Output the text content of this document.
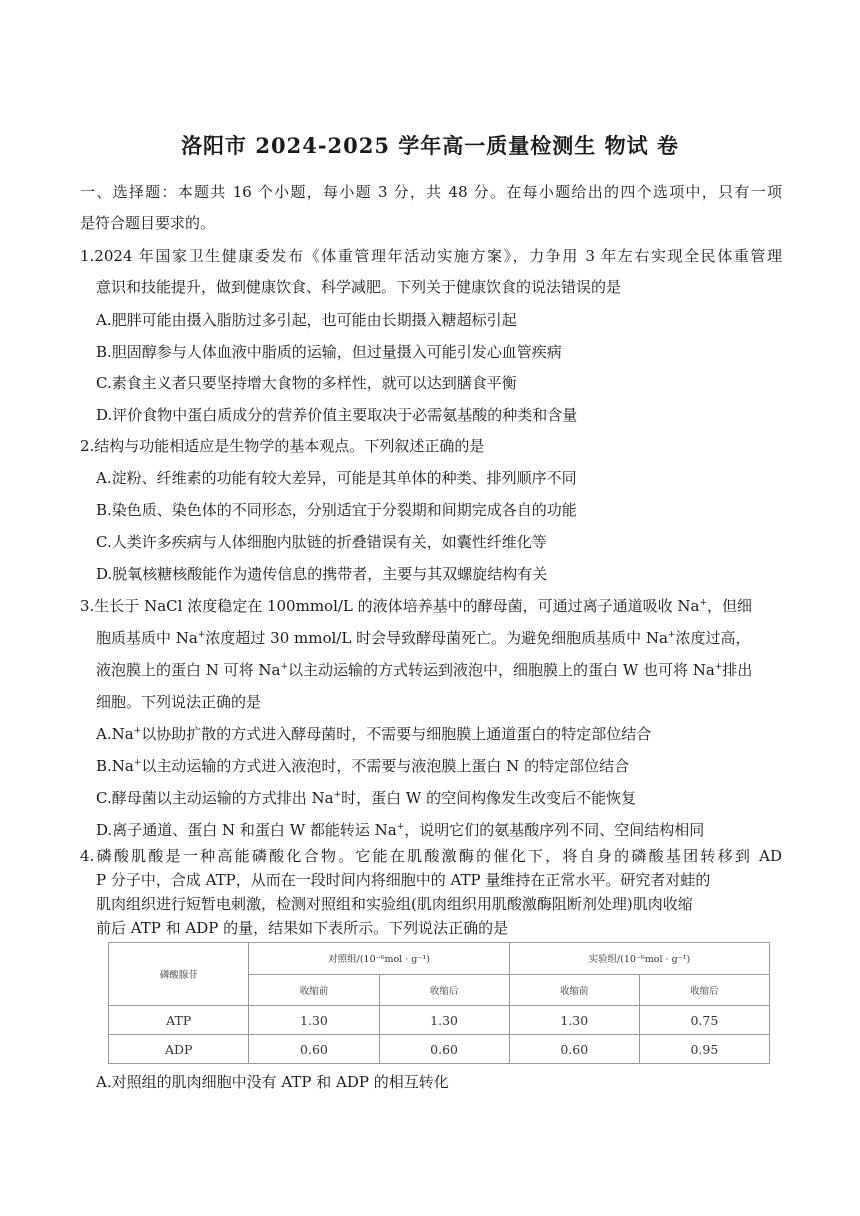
洛阳市 2024-2025 学年高一质量检测生 物试 卷
一、选择题：本题共 16 个小题，每小题 3 分，共 48 分。在每小题给出的四个选项中，只有一项
是符合题目要求的。
1.2024 年国家卫生健康委发布《体重管理年活动实施方案》，力争用 3 年左右实现全民体重管理
意识和技能提升，做到健康饮食、科学减肥。下列关于健康饮食的说法错误的是
A.肥胖可能由摄入脂肪过多引起，也可能由长期摄入糖超标引起
B.胆固醇参与人体血液中脂质的运输，但过量摄入可能引发心血管疾病
C.素食主义者只要坚持增大食物的多样性，就可以达到膳食平衡
D.评价食物中蛋白质成分的营养价值主要取决于必需氨基酸的种类和含量
2.结构与功能相适应是生物学的基本观点。下列叙述正确的是
A.淀粉、纤维素的功能有较大差异，可能是其单体的种类、排列顺序不同
B.染色质、染色体的不同形态，分别适宜于分裂期和间期完成各自的功能
C.人类许多疾病与人体细胞内肽链的折叠错误有关，如囊性纤维化等
D.脱氧核糖核酸能作为遗传信息的携带者，主要与其双螺旋结构有关
3.生长于 NaCl 浓度稳定在 100mmol/L 的液体培养基中的酵母菌，可通过离子通道吸收 Na+，但细
胞质基质中 Na+浓度超过 30 mmol/L 时会导致酵母菌死亡。为避免细胞质基质中 Na+浓度过高，
液泡膜上的蛋白 N 可将 Na+以主动运输的方式转运到液泡中，细胞膜上的蛋白 W 也可将 Na+排出
细胞。下列说法正确的是
A.Na+以协助扩散的方式进入酵母菌时，不需要与细胞膜上通道蛋白的特定部位结合
B.Na+以主动运输的方式进入液泡时，不需要与液泡膜上蛋白 N 的特定部位结合
C.酵母菌以主动运输的方式排出 Na+时，蛋白 W 的空间构像发生改变后不能恢复
D.离子通道、蛋白 N 和蛋白 W 都能转运 Na+，说明它们的氨基酸序列不同、空间结构相同
4.磷酸肌酸是一种高能磷酸化合物。它能在肌酸激酶的催化下，将自身的磷酸基团转移到 AD
P 分子中，合成 ATP，从而在一段时间内将细胞中的 ATP 量维持在正常水平。研究者对蛙的
肌肉组织进行短暂电刺激，检测对照组和实验组(肌肉组织用肌酸激酶阻断剂处理)肌肉收缩
前后 ATP 和 ADP 的量，结果如下表所示。下列说法正确的是
磷酸腺苷	对照组/(10⁻⁶mol · g⁻¹)		实验组/(10⁻⁶mol · g⁻¹)	
	收缩前	收缩后	收缩前	收缩后
ATP	1.30	1.30	1.30	0.75
ADP	0.60	0.60	0.60	0.95
A.对照组的肌肉细胞中没有 ATP 和 ADP 的相互转化
